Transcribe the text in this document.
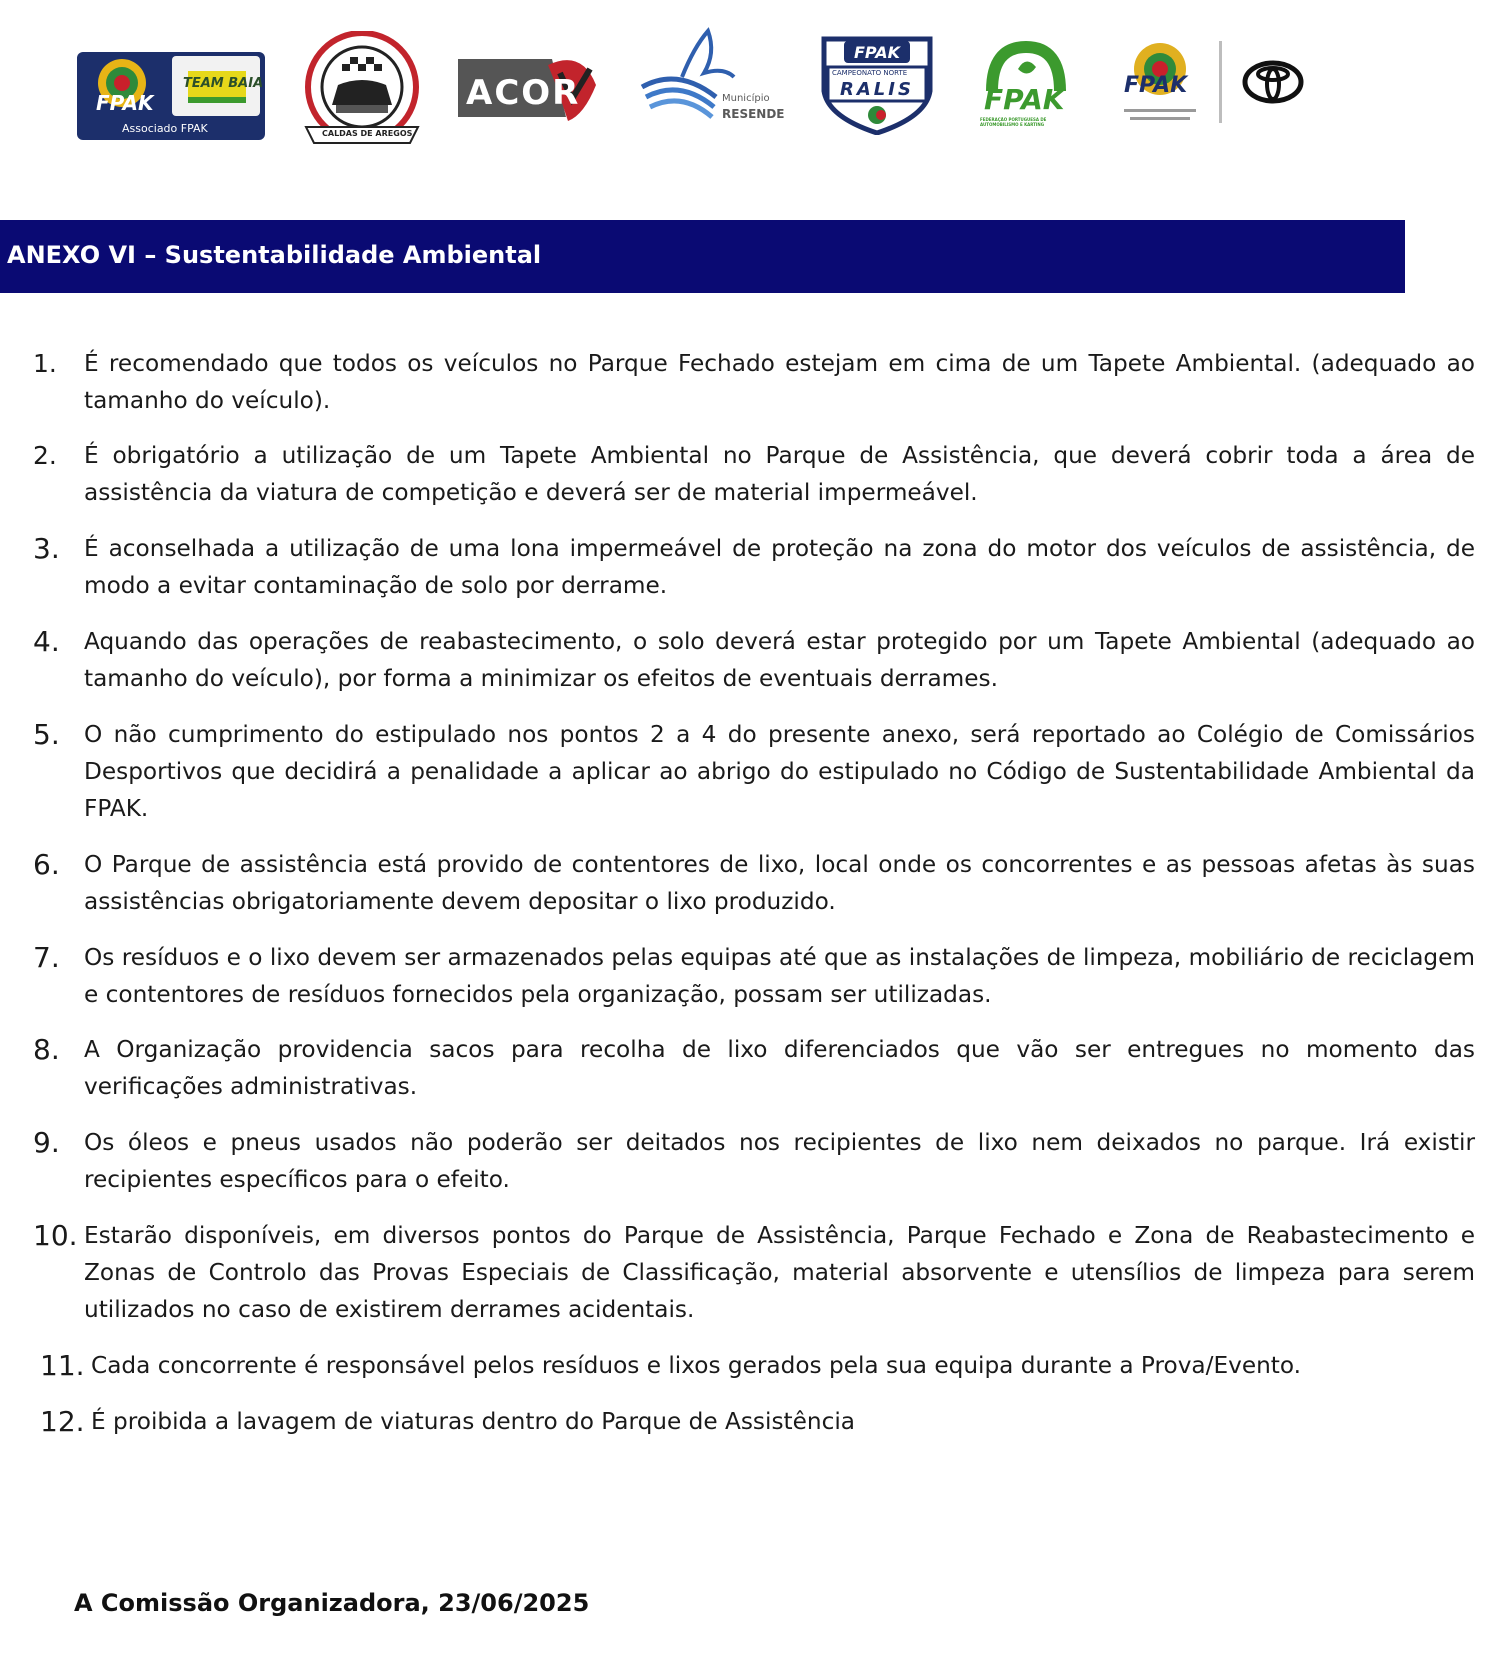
FPAK
TEAM BAIA
Associado FPAK	CALDAS DE AREGOS
ACOR	Município
RESENDE
FPAK
CAMPEONATO NORTE
RALIS	FPAK
FEDERAÇÃO PORTUGUESA DE AUTOMOBILISMO E KARTING
FPAK
ANEXO VI – Sustentabilidade Ambiental
1.	É recomendado que todos os veículos no Parque Fechado estejam em cima de um Tapete Ambiental. (adequado ao tamanho do veículo).
2.	É obrigatório a utilização de um Tapete Ambiental no Parque de Assistência, que deverá cobrir toda a área de assistência da viatura de competição e deverá ser de material impermeável.
3.	É aconselhada a utilização de uma lona impermeável de proteção na zona do motor dos veículos de assistência, de modo a evitar contaminação de solo por derrame.
4.	Aquando das operações de reabastecimento, o solo deverá estar protegido por um Tapete Ambiental (adequado ao tamanho do veículo), por forma a minimizar os efeitos de eventuais derrames.
5.	O não cumprimento do estipulado nos pontos 2 a 4 do presente anexo, será reportado ao Colégio de Comissários Desportivos que decidirá a penalidade a aplicar ao abrigo do estipulado no Código de Sustentabilidade Ambiental da FPAK.
6.	O Parque de assistência está provido de contentores de lixo, local onde os concorrentes e as pessoas afetas às suas assistências obrigatoriamente devem depositar o lixo produzido.
7.	Os resíduos e o lixo devem ser armazenados pelas equipas até que as instalações de limpeza, mobiliário de reciclagem e contentores de resíduos fornecidos pela organização, possam ser utilizadas.
8.	A Organização providencia sacos para recolha de lixo diferenciados que vão ser entregues no momento das verificações administrativas.
9.	Os óleos e pneus usados não poderão ser deitados nos recipientes de lixo nem deixados no parque. Irá existir recipientes específicos para o efeito.
10. Estarão disponíveis, em diversos pontos do Parque de Assistência, Parque Fechado e Zona de Reabastecimento e Zonas de Controlo das Provas Especiais de Classificação, material absorvente e utensílios de limpeza para serem utilizados no caso de existirem derrames acidentais.
11. Cada concorrente é responsável pelos resíduos e lixos gerados pela sua equipa durante a Prova/Evento.
12. É proibida a lavagem de viaturas dentro do Parque de Assistência
A Comissão Organizadora, 23/06/2025
